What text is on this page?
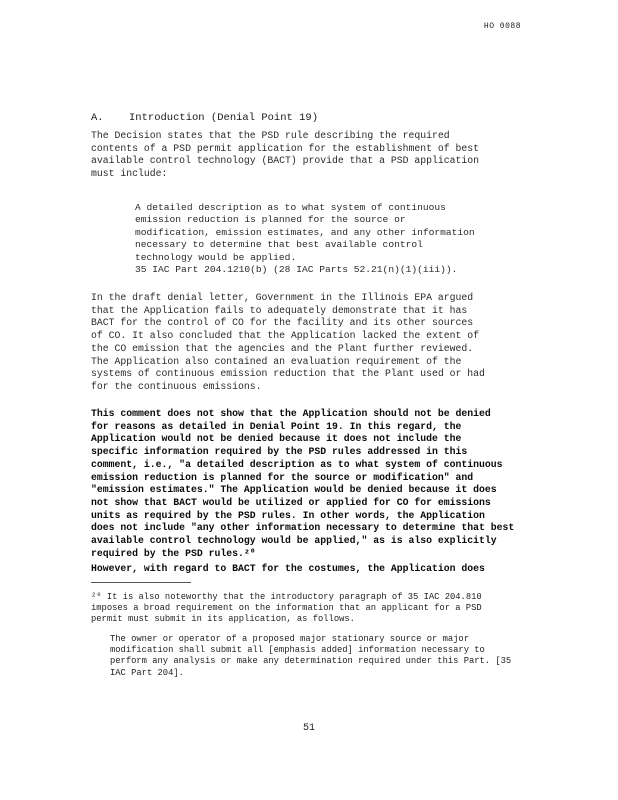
HO 0088
A. Introduction (Denial Point 19)

The Decision states that the PSD rule describing the required

contents of a PSD permit application for the establishment of best

available control technology (BACT) provide that a PSD application

must include:

A detailed description as to what system of continuous

emission reduction is planned for the source or

modification, emission estimates, and any other information

necessary to determine that best available control

technology would be applied.

35 IAC Part 204.1210(b) (28 IAC Parts 52.21(n)(1)(iii)).

In the draft denial letter, Government in the Illinois EPA argued

that the Application fails to adequately demonstrate that it has

BACT for the control of CO for the facility and its other sources

of CO. It also concluded that the Application lacked the extent of

the CO emission that the agencies and the Plant further reviewed.

The Application also contained an evaluation requirement of the

systems of continuous emission reduction that the Plant used or had

for the continuous emissions.

This comment does not show that the Application should not be denied

for reasons as detailed in Denial Point 19. In this regard, the

Application would not be denied because it does not include the

specific information required by the PSD rules addressed in this

comment, i.e., "a detailed description as to what system of continuous

emission reduction is planned for the source or modification" and

"emission estimates." The Application would be denied because it does

not show that BACT would be utilized or applied for CO for emissions

units as required by the PSD rules. In other words, the Application

does not include "any other information necessary to determine that best

available control technology would be applied," as is also explicitly

required by the PSD rules.²⁰

However, with regard to BACT for the costumes, the Application does

²⁰ It is also noteworthy that the introductory paragraph of 35 IAC 204.810

imposes a broad requirement on the information that an applicant for a PSD

permit must submit in its application, as follows.

The owner or operator of a proposed major stationary source or major

modification shall submit all [emphasis added] information necessary to

perform any analysis or make any determination required under this Part. [35

IAC Part 204].

51
